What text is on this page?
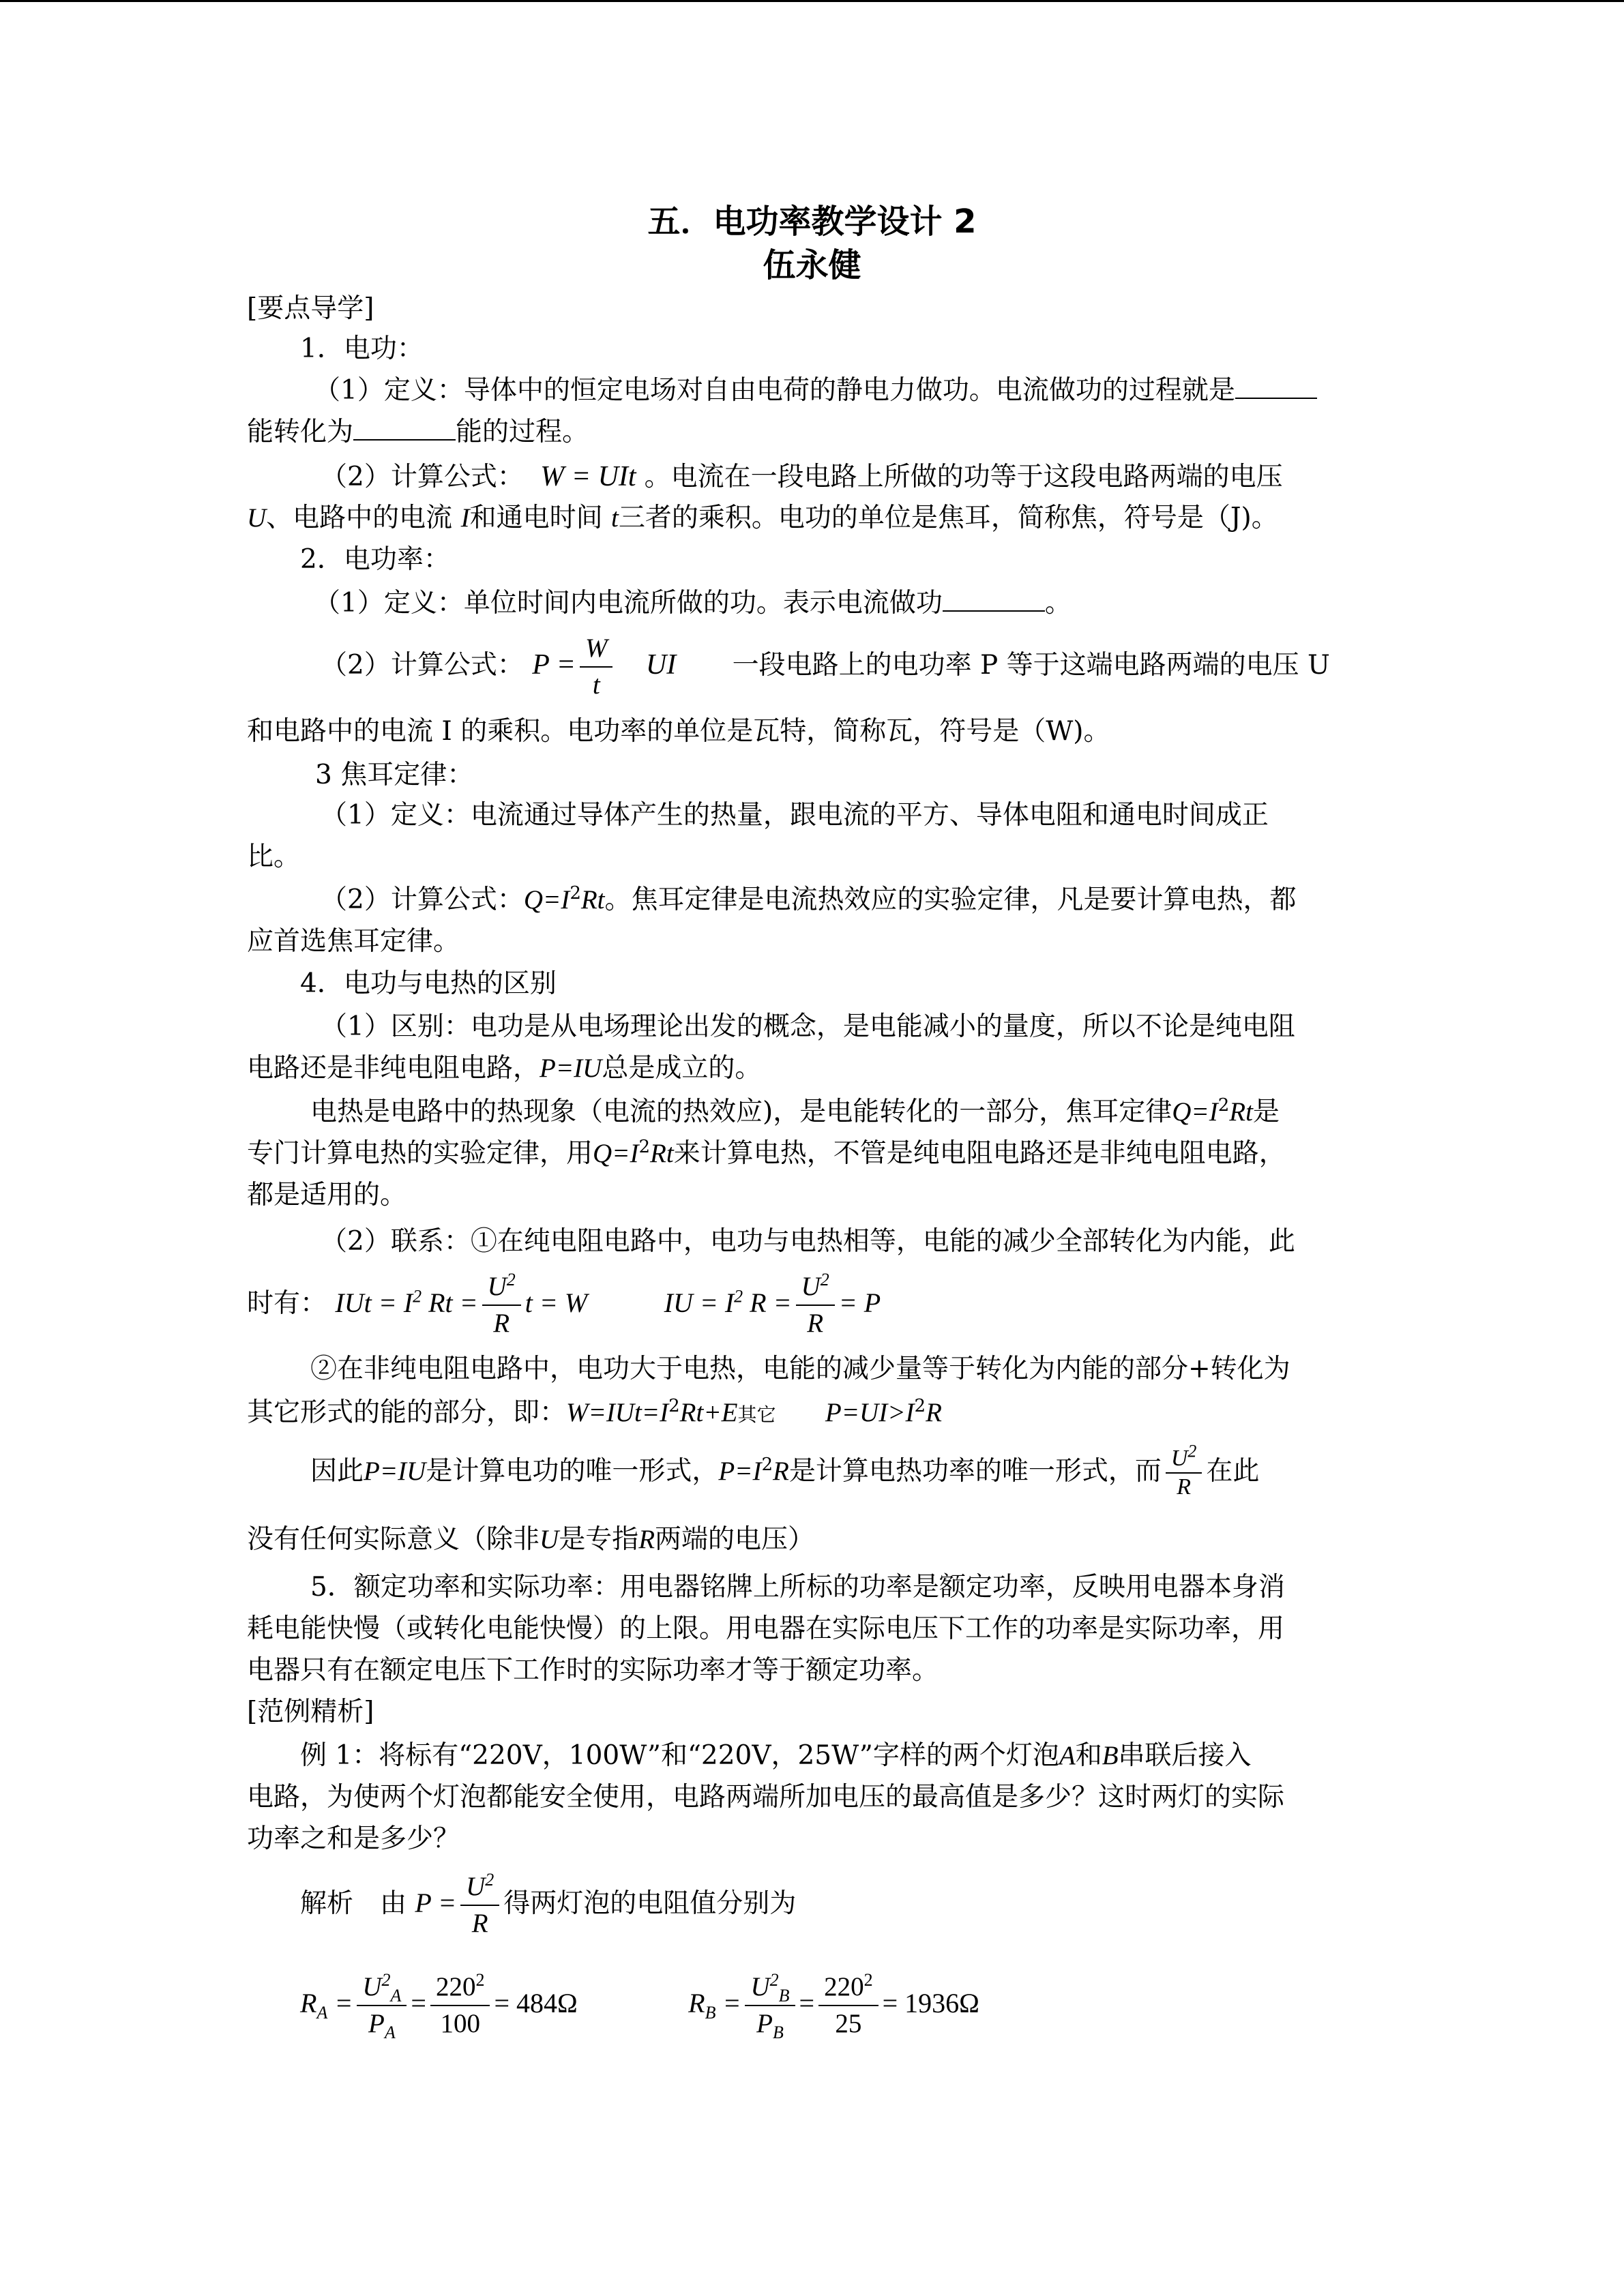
五．电功率教学设计 2
伍永健
[要点导学]
1．电功：
（1）定义：导体中的恒定电场对自由电荷的静电力做功。电流做功的过程就是
能转化为	能的过程。
（2）计算公式： W = UIt 。电流在一段电路上所做的功等于这段电路两端的电压
U、电路中的电流 I和通电时间 t三者的乘积。电功的单位是焦耳，简称焦，符号是（J)。
2．电功率：
（1）定义：单位时间内电流所做的功。表示电流做功	。
（2）计算公式： $P = \frac{W}{t}$ UI 一段电路上的电功率 P 等于这端电路两端的电压 U
和电路中的电流 I 的乘积。电功率的单位是瓦特，简称瓦，符号是（W)。
3 焦耳定律：
（1）定义：电流通过导体产生的热量，跟电流的平方、导体电阻和通电时间成正
比。
（2）计算公式：$Q=I^2Rt$。焦耳定律是电流热效应的实验定律，凡是要计算电热，都
应首选焦耳定律。
4．电功与电热的区别
（1）区别：电功是从电场理论出发的概念，是电能减小的量度，所以不论是纯电阻
电路还是非纯电阻电路，P=IU总是成立的。
电热是电路中的热现象（电流的热效应)，是电能转化的一部分，焦耳定律$Q=I^2Rt$是
专门计算电热的实验定律，用$Q=I^2Rt$来计算电热，不管是纯电阻电路还是非纯电阻电路，
都是适用的。
（2）联系：①在纯电阻电路中，电功与电热相等，电能的减少全部转化为内能，此
时有： IUt = $I^2$ $Rt = \frac{U^2}{R}$ t = W	IU = $I^2$ $R = \frac{U^2}{R} = P$
②在非纯电阻电路中，电功大于电热，电能的减少量等于转化为内能的部分+转化为
其它形式的能的部分，即：$W=IUt=I^2Rt+E$其它 $P=UI>I^2R$
因此P=IU是计算电功的唯一形式，$P=I^2R$是计算电热功率的唯一形式，而 $\frac{U^2}{R}$ 在此
没有任何实际意义（除非U是专指R两端的电压）
5．额定功率和实际功率：用电器铭牌上所标的功率是额定功率，反映用电器本身消
耗电能快慢（或转化电能快慢）的上限。用电器在实际电压下工作的功率是实际功率，用
电器只有在额定电压下工作时的实际功率才等于额定功率。
[范例精析]
例 1：将标有“220V，100W”和“220V，25W”字样的两个灯泡A和B串联后接入
电路，为使两个灯泡都能安全使用，电路两端所加电压的最高值是多少？这时两灯的实际
功率之和是多少？
解析　由 $P = \frac{U^2}{R}$ 得两灯泡的电阻值分别为
$R_A = \frac{U^2_A}{P_A} = \frac{220^2}{100} = 484\Omega$	$R_B = \frac{U^2_B}{P_B} = \frac{220^2}{25} = 1936\Omega$
